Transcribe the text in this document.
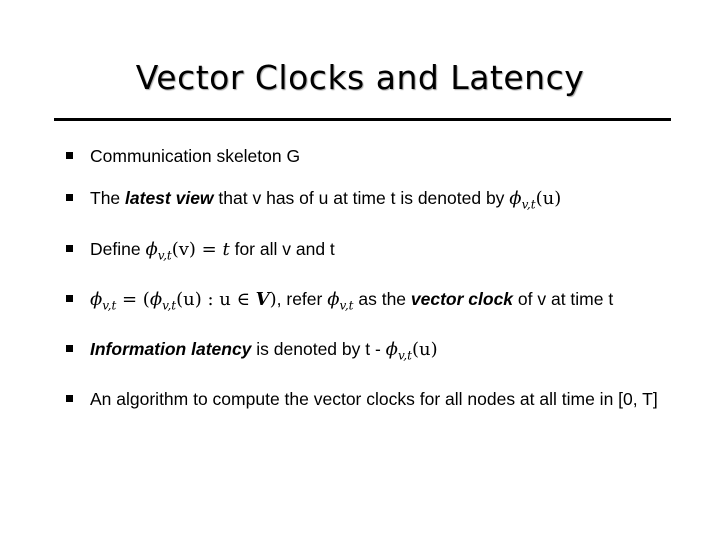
Vector Clocks and Latency
Communication skeleton G
The latest view that v has of u at time t is denoted by $\phi_{v,t}(u)$
Define $\phi_{v,t}(v) = t$ for all v and t
$\phi_{v,t} = (\phi_{v,t}(u)$ : u ∈ V), refer $\phi_{v,t}$ as the vector clock of v at time t
Information latency is denoted by t - $\phi_{v,t}(u)$
An algorithm to compute the vector clocks for all nodes at all time in [0, T]
